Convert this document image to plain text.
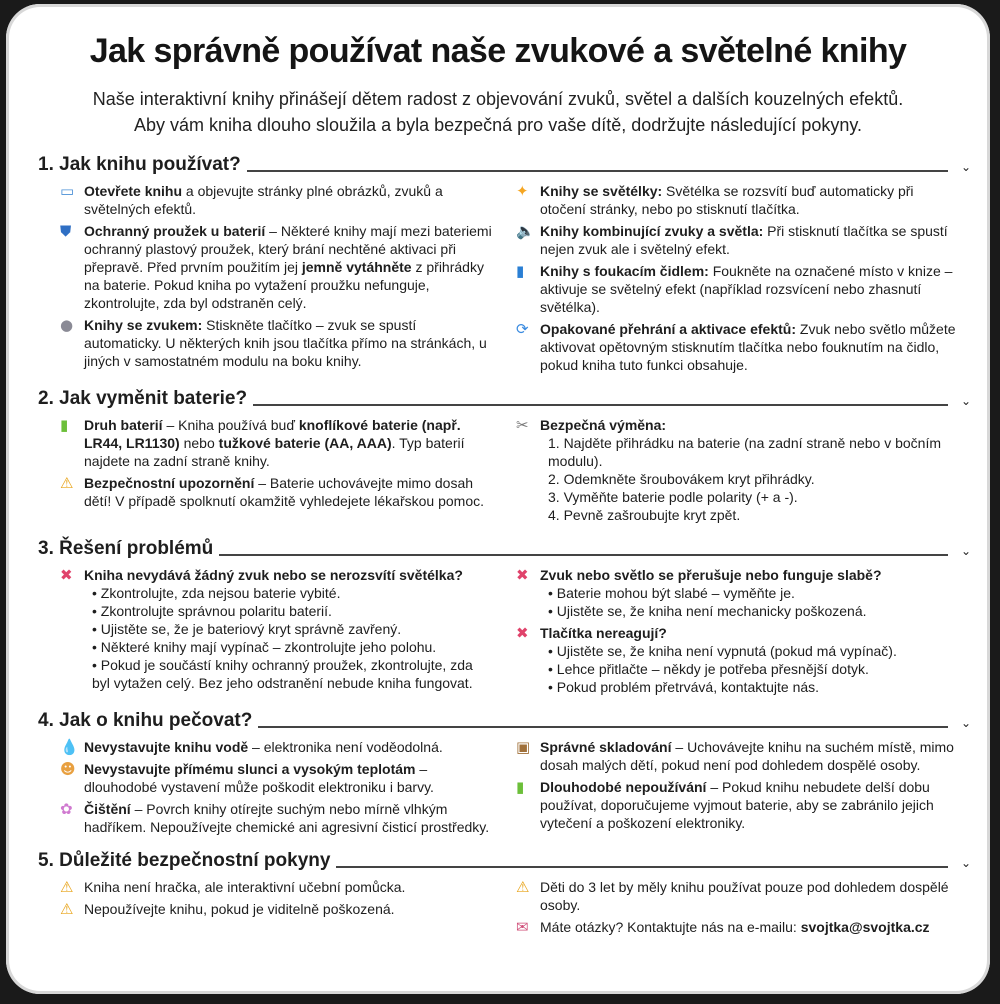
Jak správně používat naše zvukové a světelné knihy
Naše interaktivní knihy přinášejí dětem radost z objevování zvuků, světel a dalších kouzelných efektů.
Aby vám kniha dlouho sloužila a byla bezpečná pro vaše dítě, dodržujte následující pokyny.
1. Jak knihu používat?	⌄
▭ Otevřete knihu a objevujte stránky plné obrázků, zvuků a světelných efektů.
⛊ Ochranný proužek u baterií – Některé knihy mají mezi bateriemi ochranný plastový proužek, který brání nechtěné aktivaci při přepravě. Před prvním použitím jej jemně vytáhněte z přihrádky na baterie. Pokud kniha po vytažení proužku nefunguje, zkontrolujte, zda byl odstraněn celý.
● Knihy se zvukem: Stiskněte tlačítko – zvuk se spustí automaticky. U některých knih jsou tlačítka přímo na stránkách, u jiných v samostatném modulu na boku knihy.
✦ Knihy se světélky: Světélka se rozsvítí buď automaticky při otočení stránky, nebo po stisknutí tlačítka.
🔈 Knihy kombinující zvuky a světla: Při stisknutí tlačítka se spustí nejen zvuk ale i světelný efekt.
▮	Knihy s foukacím čidlem: Foukněte na označené místo v knize – aktivuje se světelný efekt (například rozsvícení nebo zhasnutí světélka).
⟳ Opakované přehrání a aktivace efektů: Zvuk nebo světlo můžete aktivovat opětovným stisknutím tlačítka nebo fouknutím na čidlo, pokud kniha tuto funkci obsahuje.
2. Jak vyměnit baterie?	⌄
▮	Druh baterií – Kniha používá buď knoflíkové baterie (např. LR44, LR1130) nebo tužkové baterie (AA, AAA). Typ baterií najdete na zadní straně knihy.
⚠ Bezpečnostní upozornění – Baterie uchovávejte mimo dosah dětí! V případě spolknutí okamžitě vyhledejete lékařskou pomoc.
✂ Bezpečná výměna:
1. Najděte přihrádku na baterie (na zadní straně nebo v bočním modulu).
2. Odemkněte šroubovákem kryt přihrádky.
3. Vyměňte baterie podle polarity (+ a -).
4. Pevně zašroubujte kryt zpět.
3. Řešení problémů	⌄
✖ Kniha nevydává žádný zvuk nebo se nerozsvítí světélka?
• Zkontrolujte, zda nejsou baterie vybité.
• Zkontrolujte správnou polaritu baterií.
• Ujistěte se, že je bateriový kryt správně zavřený.
• Některé knihy mají vypínač – zkontrolujte jeho polohu.
• Pokud je součástí knihy ochranný proužek, zkontrolujte, zda byl vytažen celý. Bez jeho odstranění nebude kniha fungovat.
✖ Zvuk nebo světlo se přerušuje nebo funguje slabě?
• Baterie mohou být slabé – vyměňte je.
• Ujistěte se, že kniha není mechanicky poškozená.
✖ Tlačítka nereagují?
• Ujistěte se, že kniha není vypnutá (pokud má vypínač).
• Lehce přitlačte – někdy je potřeba přesnější dotyk.
• Pokud problém přetrvává, kontaktujte nás.
4. Jak o knihu pečovat?	⌄
💧 Nevystavujte knihu vodě – elektronika není voděodolná.
☻ Nevystavujte přímému slunci a vysokým teplotám – dlouhodobé vystavení může poškodit elektroniku i barvy.
✿ Čištění – Povrch knihy otírejte suchým nebo mírně vlhkým hadříkem. Nepoužívejte chemické ani agresivní čisticí prostředky.
▣ Správné skladování – Uchovávejte knihu na suchém místě, mimo dosah malých dětí, pokud není pod dohledem dospělé osoby.
▮	Dlouhodobé nepoužívání – Pokud knihu nebudete delší dobu používat, doporučujeme vyjmout baterie, aby se zabránilo jejich vytečení a poškození elektroniky.
5. Důležité bezpečnostní pokyny	⌄
⚠ Kniha není hračka, ale interaktivní učební pomůcka.
⚠ Nepoužívejte knihu, pokud je viditelně poškozená.
⚠ Děti do 3 let by měly knihu používat pouze pod dohledem dospělé osoby.
✉ Máte otázky? Kontaktujte nás na e-mailu: svojtka@svojtka.cz
